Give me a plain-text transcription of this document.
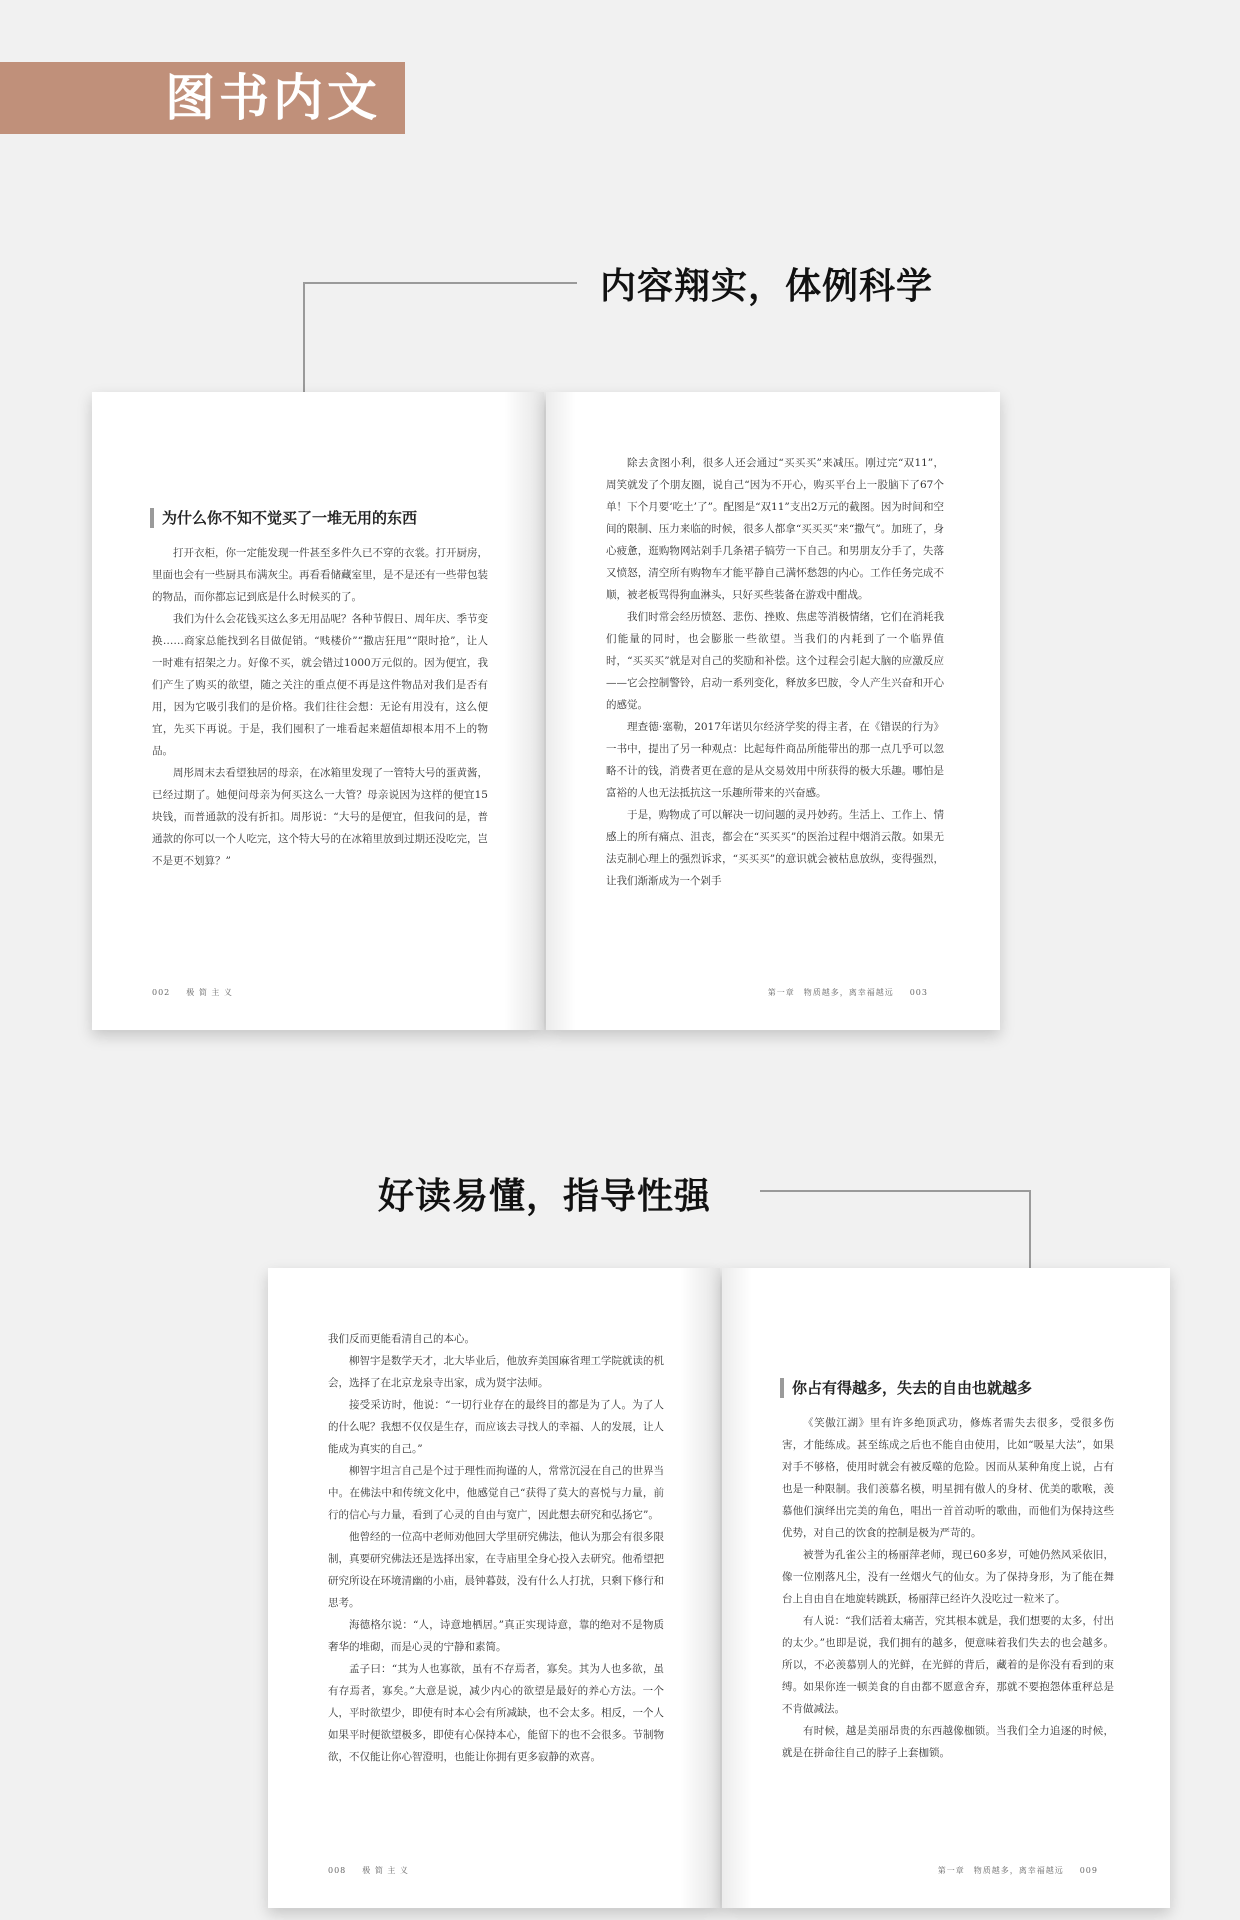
图书内文
内容翔实，体例科学
为什么你不知不觉买了一堆无用的东西

打开衣柜，你一定能发现一件甚至多件久已不穿的衣裳。打开厨房，里面也会有一些厨具布满灰尘。再看看储藏室里，是不是还有一些带包装的物品，而你都忘记到底是什么时候买的了。

我们为什么会花钱买这么多无用品呢？各种节假日、周年庆、季节变换……商家总能找到名目做促销。“贱楼价”“撒店狂甩”“限时抢”，让人一时难有招架之力。好像不买，就会错过1000万元似的。因为便宜，我们产生了购买的欲望，随之关注的重点便不再是这件物品对我们是否有用，因为它吸引我们的是价格。我们往往会想：无论有用没有，这么便宜，先买下再说。于是，我们囤积了一堆看起来超值却根本用不上的物品。

周彤周末去看望独居的母亲，在冰箱里发现了一管特大号的蛋黄酱，已经过期了。她便问母亲为何买这么一大管？母亲说因为这样的便宜15块钱，而普通款的没有折扣。周彤说：“大号的是便宜，但我问的是，普通款的你可以一个人吃完，这个特大号的在冰箱里放到过期还没吃完，岂不是更不划算？”

002 极 简 主 义

除去贪图小利，很多人还会通过“买买买”来减压。刚过完“双11”，周笑就发了个朋友圈，说自己“因为不开心，购买平台上一股脑下了67个单！下个月要‘吃土’了”。配图是“双11”支出2万元的截图。因为时间和空间的限制、压力来临的时候，很多人都拿“买买买”来“撒气”。加班了，身心疲惫，逛购物网站剁手几条裙子犒劳一下自己。和男朋友分手了，失落又愤怒，清空所有购物车才能平静自己满怀愁怨的内心。工作任务完成不顺，被老板骂得狗血淋头，只好买些装备在游戏中酣战。

我们时常会经历愤怒、悲伤、挫败、焦虑等消极情绪，它们在消耗我们能量的同时，也会膨胀一些欲望。当我们的内耗到了一个临界值时，“买买买”就是对自己的奖励和补偿。这个过程会引起大脑的应激反应——它会控制警铃，启动一系列变化，释放多巴胺，令人产生兴奋和开心的感觉。

理查德·塞勒，2017年诺贝尔经济学奖的得主者，在《错误的行为》一书中，提出了另一种观点：比起每件商品所能带出的那一点几乎可以忽略不计的钱，消费者更在意的是从交易效用中所获得的极大乐趣。哪怕是富裕的人也无法抵抗这一乐趣所带来的兴奋感。

于是，购物成了可以解决一切问题的灵丹妙药。生活上、工作上、情感上的所有痛点、沮丧，都会在“买买买”的医治过程中烟消云散。如果无法克制心理上的强烈诉求，“买买买”的意识就会被枯息放纵，变得强烈，让我们渐渐成为一个剁手

第一章　物质越多，离幸福越远 003
好读易懂，指导性强

我们反而更能看清自己的本心。

柳智宇是数学天才，北大毕业后，他放弃美国麻省理工学院就读的机会，选择了在北京龙泉寺出家，成为贤宇法师。

接受采访时，他说：“一切行业存在的最终目的都是为了人。为了人的什么呢？我想不仅仅是生存，而应该去寻找人的幸福、人的发展，让人能成为真实的自己。”

柳智宇坦言自己是个过于理性而拘谨的人，常常沉浸在自己的世界当中。在佛法中和传统文化中，他感觉自己“获得了莫大的喜悦与力量，前行的信心与力量，看到了心灵的自由与宽广，因此想去研究和弘扬它”。

他曾经的一位高中老师劝他回大学里研究佛法，他认为那会有很多限制，真要研究佛法还是选择出家，在寺庙里全身心投入去研究。他希望把研究所设在环境清幽的小庙，晨钟暮鼓，没有什么人打扰，只剩下修行和思考。

海德格尔说：“人，诗意地栖居。”真正实现诗意，靠的绝对不是物质奢华的堆砌，而是心灵的宁静和素简。

孟子曰：“其为人也寡欲，虽有不存焉者，寡矣。其为人也多欲，虽有存焉者，寡矣。”大意是说，减少内心的欲望是最好的养心方法。一个人，平时欲望少，即使有时本心会有所减缺，也不会太多。相反，一个人如果平时便欲望极多，即使有心保持本心，能留下的也不会很多。节制物欲，不仅能让你心智澄明，也能让你拥有更多寂静的欢喜。

008 极 简 主 义
你占有得越多，失去的自由也就越多

《笑傲江湖》里有许多绝顶武功，修炼者需失去很多，受很多伤害，才能练成。甚至练成之后也不能自由使用，比如“吸星大法”，如果对手不够格，使用时就会有被反噬的危险。因而从某种角度上说，占有也是一种限制。我们羡慕名模，明星拥有傲人的身材、优美的歌喉，羡慕他们演绎出完美的角色，唱出一首首动听的歌曲，而他们为保持这些优势，对自己的饮食的控制是极为严苛的。

被誉为孔雀公主的杨丽萍老师，现已60多岁，可她仍然风采依旧，像一位刚落凡尘，没有一丝烟火气的仙女。为了保持身形，为了能在舞台上自由自在地旋转跳跃，杨丽萍已经许久没吃过一粒米了。

有人说：“我们活着太痛苦，究其根本就是，我们想要的太多，付出的太少。”也即是说，我们拥有的越多，便意味着我们失去的也会越多。所以，不必羡慕别人的光鲜，在光鲜的背后，藏着的是你没有看到的束缚。如果你连一顿美食的自由都不愿意舍弃，那就不要抱怨体重秤总是不肯做减法。

有时候，越是美丽昂贵的东西越像枷锁。当我们全力追逐的时候，就是在拼命往自己的脖子上套枷锁。

第一章　物质越多，离幸福越远 009
